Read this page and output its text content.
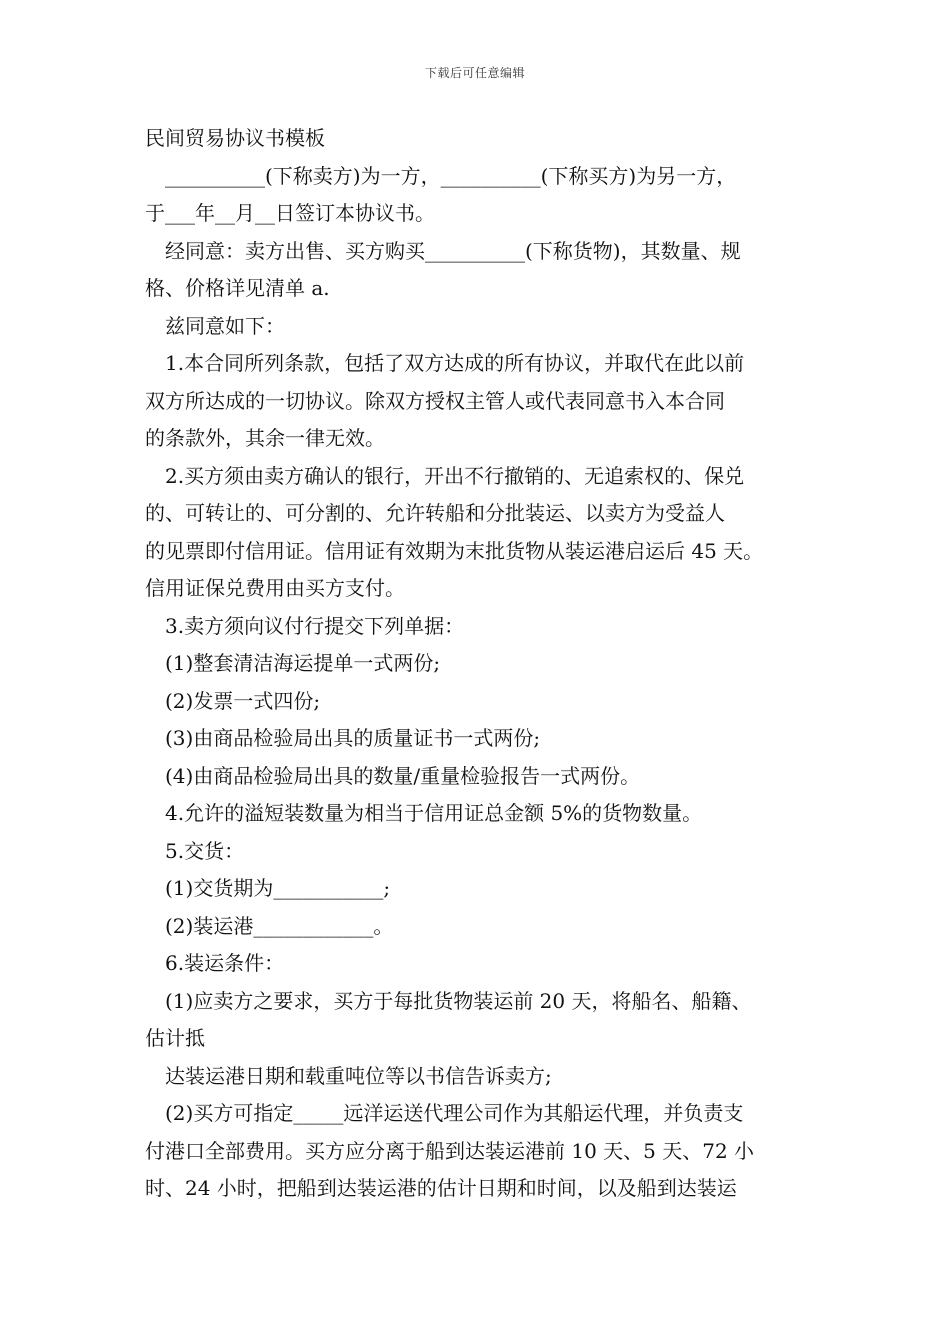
下载后可任意编辑

民间贸易协议书模板

__________(下称卖方)为一方，__________(下称买方)为另一方，

于___年__月__日签订本协议书。

经同意：卖方出售、买方购买__________(下称货物)，其数量、规

格、价格详见清单 a.

兹同意如下：

1.本合同所列条款，包括了双方达成的所有协议，并取代在此以前

双方所达成的一切协议。除双方授权主管人或代表同意书入本合同

的条款外，其余一律无效。

2.买方须由卖方确认的银行，开出不行撤销的、无追索权的、保兑

的、可转让的、可分割的、允许转船和分批装运、以卖方为受益人

的见票即付信用证。信用证有效期为末批货物从装运港启运后 45 天。

信用证保兑费用由买方支付。

3.卖方须向议付行提交下列单据：

(1)整套清洁海运提单一式两份;

(2)发票一式四份;

(3)由商品检验局出具的质量证书一式两份;

(4)由商品检验局出具的数量/重量检验报告一式两份。

4.允许的溢短装数量为相当于信用证总金额 5%的货物数量。

5.交货：

(1)交货期为___________;

(2)装运港____________。

6.装运条件：

(1)应卖方之要求，买方于每批货物装运前 20 天，将船名、船籍、

估计抵

达装运港日期和载重吨位等以书信告诉卖方;

(2)买方可指定_____远洋运送代理公司作为其船运代理，并负责支

付港口全部费用。买方应分离于船到达装运港前 10 天、5 天、72 小

时、24 小时，把船到达装运港的估计日期和时间，以及船到达装运
